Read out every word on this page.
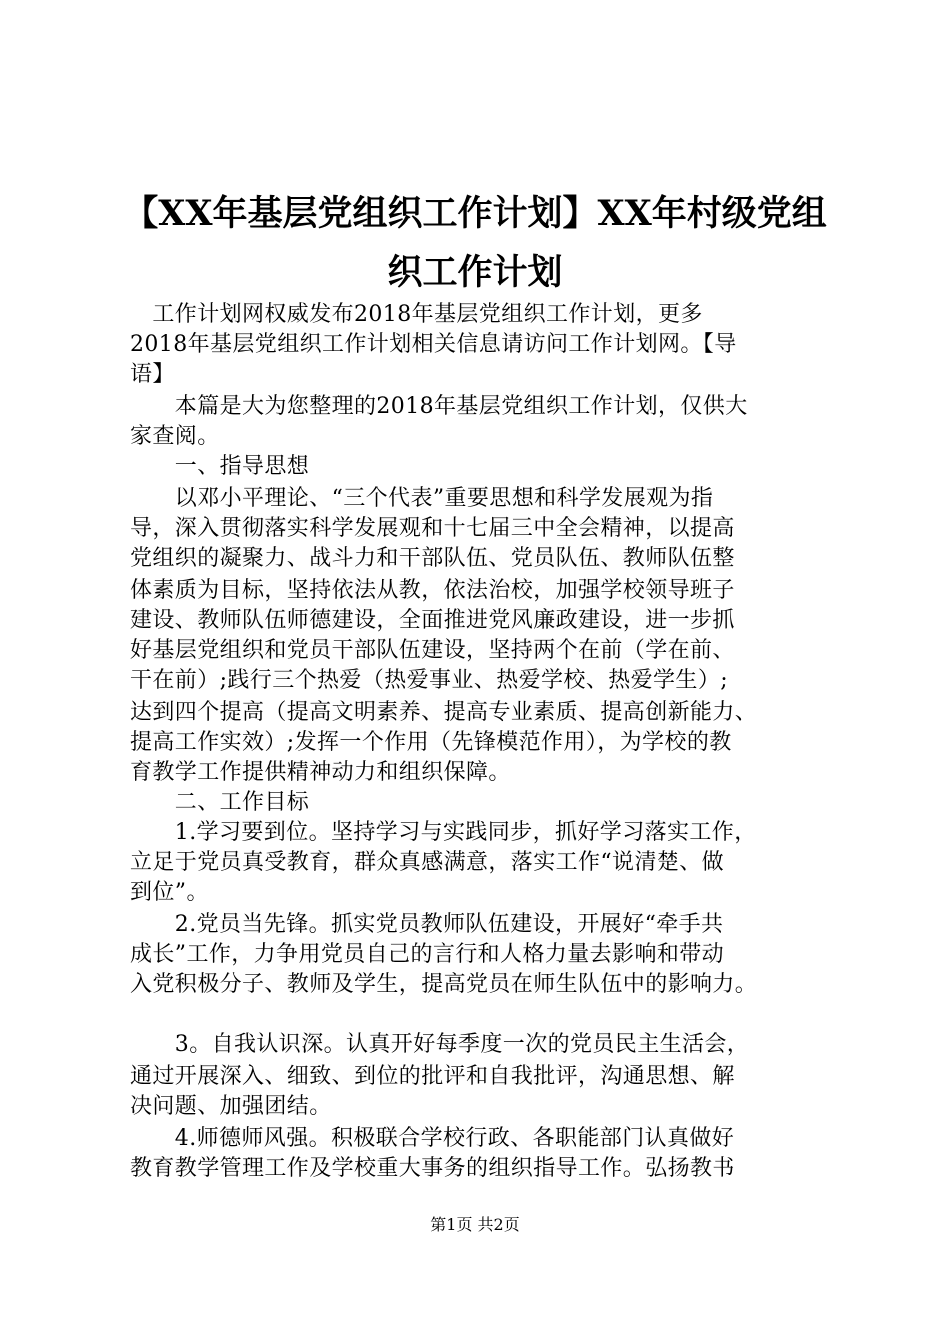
【XX年基层党组织工作计划】XX年村级党组
织工作计划
　工作计划网权威发布2018年基层党组织工作计划，更多
2018年基层党组织工作计划相关信息请访问工作计划网。【导
语】
　　本篇是大为您整理的2018年基层党组织工作计划，仅供大
家查阅。
　　一、指导思想
　　以邓小平理论、“三个代表”重要思想和科学发展观为指
导，深入贯彻落实科学发展观和十七届三中全会精神，以提高
党组织的凝聚力、战斗力和干部队伍、党员队伍、教师队伍整
体素质为目标，坚持依法从教，依法治校，加强学校领导班子
建设、教师队伍师德建设，全面推进党风廉政建设，进一步抓
好基层党组织和党员干部队伍建设，坚持两个在前（学在前、
干在前）;践行三个热爱（热爱事业、热爱学校、热爱学生）;
达到四个提高（提高文明素养、提高专业素质、提高创新能力、
提高工作实效）;发挥一个作用（先锋模范作用），为学校的教
育教学工作提供精神动力和组织保障。
　　二、工作目标
　　1.学习要到位。坚持学习与实践同步，抓好学习落实工作，
立足于党员真受教育，群众真感满意，落实工作“说清楚、做
到位”。
　　2.党员当先锋。抓实党员教师队伍建设，开展好“牵手共
成长”工作，力争用党员自己的言行和人格力量去影响和带动
入党积极分子、教师及学生，提高党员在师生队伍中的影响力。
　　3。自我认识深。认真开好每季度一次的党员民主生活会，
通过开展深入、细致、到位的批评和自我批评，沟通思想、解
决问题、加强团结。
　　4.师德师风强。积极联合学校行政、各职能部门认真做好
教育教学管理工作及学校重大事务的组织指导工作。弘扬教书
第1页 共2页
